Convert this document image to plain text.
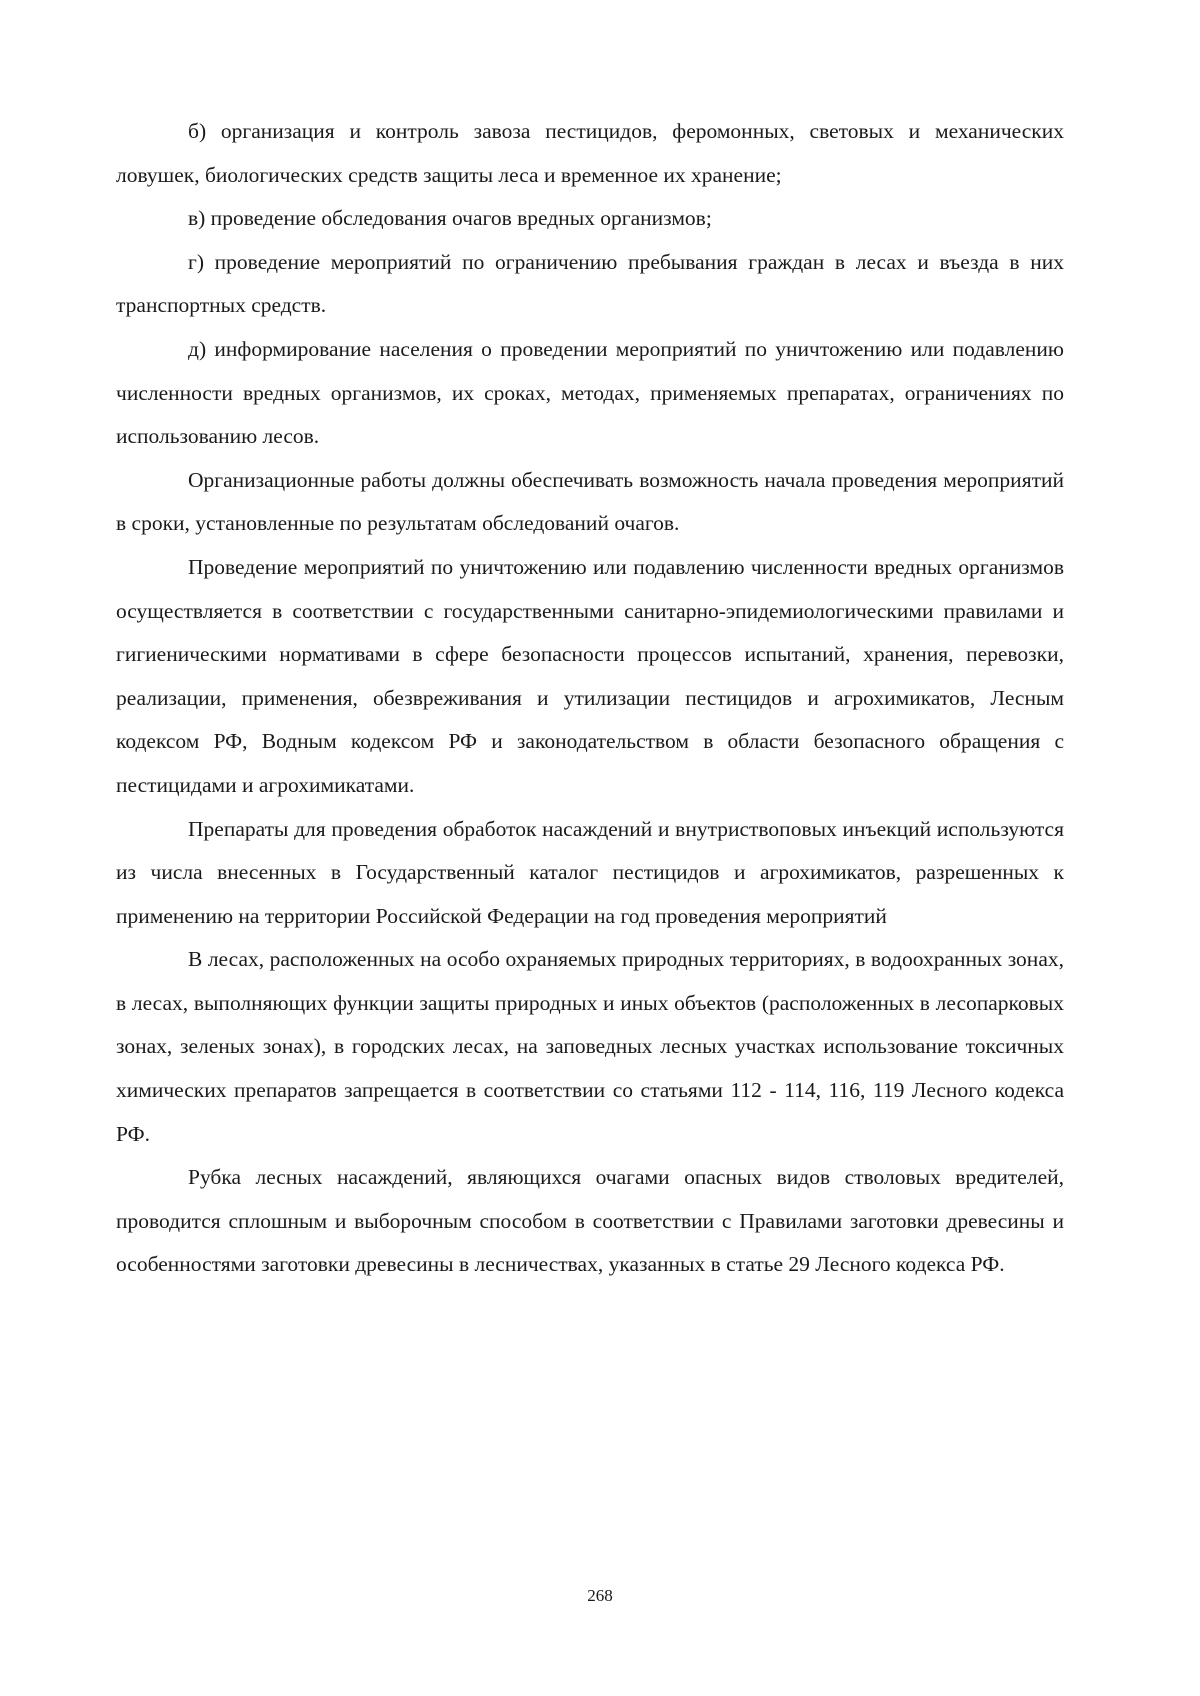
б) организация и контроль завоза пестицидов, феромонных, световых и механических ловушек, биологических средств защиты леса и временное их хранение;

в) проведение обследования очагов вредных организмов;

г) проведение мероприятий по ограничению пребывания граждан в лесах и въезда в них транспортных средств.

д) информирование населения о проведении мероприятий по уничтожению или подавлению численности вредных организмов, их сроках, методах, применяемых препаратах, ограничениях по использованию лесов.

Организационные работы должны обеспечивать возможность начала проведения мероприятий в сроки, установленные по результатам обследований очагов.

Проведение мероприятий по уничтожению или подавлению численности вредных организмов осуществляется в соответствии с государственными санитарно-эпидемиологическими правилами и гигиеническими нормативами в сфере безопасности процессов испытаний, хранения, перевозки, реализации, применения, обезвреживания и утилизации пестицидов и агрохимикатов, Лесным кодексом РФ, Водным кодексом РФ и законодательством в области безопасного обращения с пестицидами и агрохимикатами.

Препараты для проведения обработок насаждений и внутриствоповых инъекций используются из числа внесенных в Государственный каталог пестицидов и агрохимикатов, разрешенных к применению на территории Российской Федерации на год проведения мероприятий

В лесах, расположенных на особо охраняемых природных территориях, в водоохранных зонах, в лесах, выполняющих функции защиты природных и иных объектов (расположенных в лесопарковых зонах, зеленых зонах), в городских лесах, на заповедных лесных участках использование токсичных химических препаратов запрещается в соответствии со статьями 112 - 114, 116, 119 Лесного кодекса РФ.

Рубка лесных насаждений, являющихся очагами опасных видов стволовых вредителей, проводится сплошным и выборочным способом в соответствии с Правилами заготовки древесины и особенностями заготовки древесины в лесничествах, указанных в статье 29 Лесного кодекса РФ.

268
